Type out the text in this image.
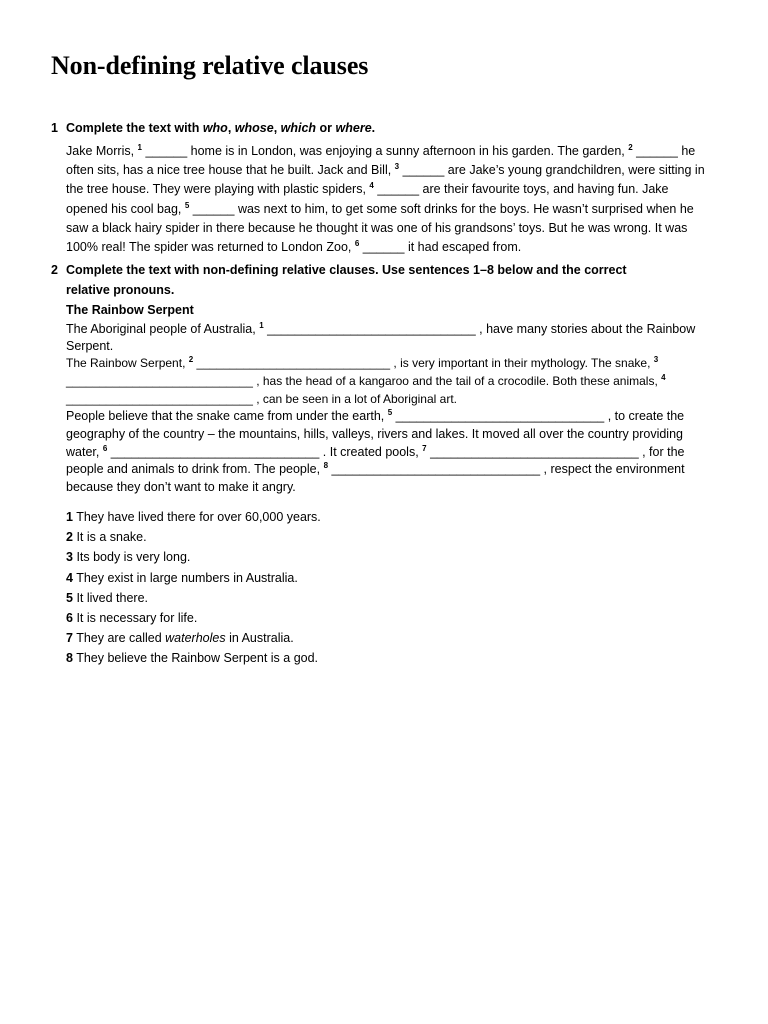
Non-defining relative clauses

1 Complete the text with who, whose, which or where.

Jake Morris, $^1$ ______ home is in London, was enjoying a sunny afternoon in his garden. The garden, $^2$ ______ he often sits, has a nice tree house that he built. Jack and Bill, $^3$ ______ are Jake’s young grandchildren, were sitting in the tree house. They were playing with plastic spiders, $^4$ ______ are their favourite toys, and having fun. Jake opened his cool bag, $^5$ ______ was next to him, to get some soft drinks for the boys. He wasn’t surprised when he saw a black hairy spider in there because he thought it was one of his grandsons’ toys. But he was wrong. It was 100% real! The spider was returned to London Zoo, $^6$ ______ it had escaped from.

2 Complete the text with non-defining relative clauses. Use sentences 1–8 below and the correct

relative pronouns.

The Rainbow Serpent

The Aboriginal people of Australia, $^1$ ______________________________ , have many stories about the Rainbow Serpent.

The Rainbow Serpent, $^2$ _____________________________ , is very important in their mythology. The snake, $^3$ ____________________________ , has the head of a kangaroo and the tail of a crocodile. Both these animals, $^4$ ____________________________ , can be seen in a lot of Aboriginal art.

People believe that the snake came from under the earth, $^5$ ______________________________ , to create the geography of the country – the mountains, hills, valleys, rivers and lakes. It moved all over the country providing water, $^6$ ______________________________ . It created pools, $^7$ ______________________________ , for the people and animals to drink from. The people, $^8$ ______________________________ , respect the environment because they don’t want to make it angry.

1 They have lived there for over 60,000 years.
2 It is a snake.
3 Its body is very long.
4 They exist in large numbers in Australia.
5 It lived there.
6 It is necessary for life.
7 They are called waterholes in Australia.
8 They believe the Rainbow Serpent is a god.
